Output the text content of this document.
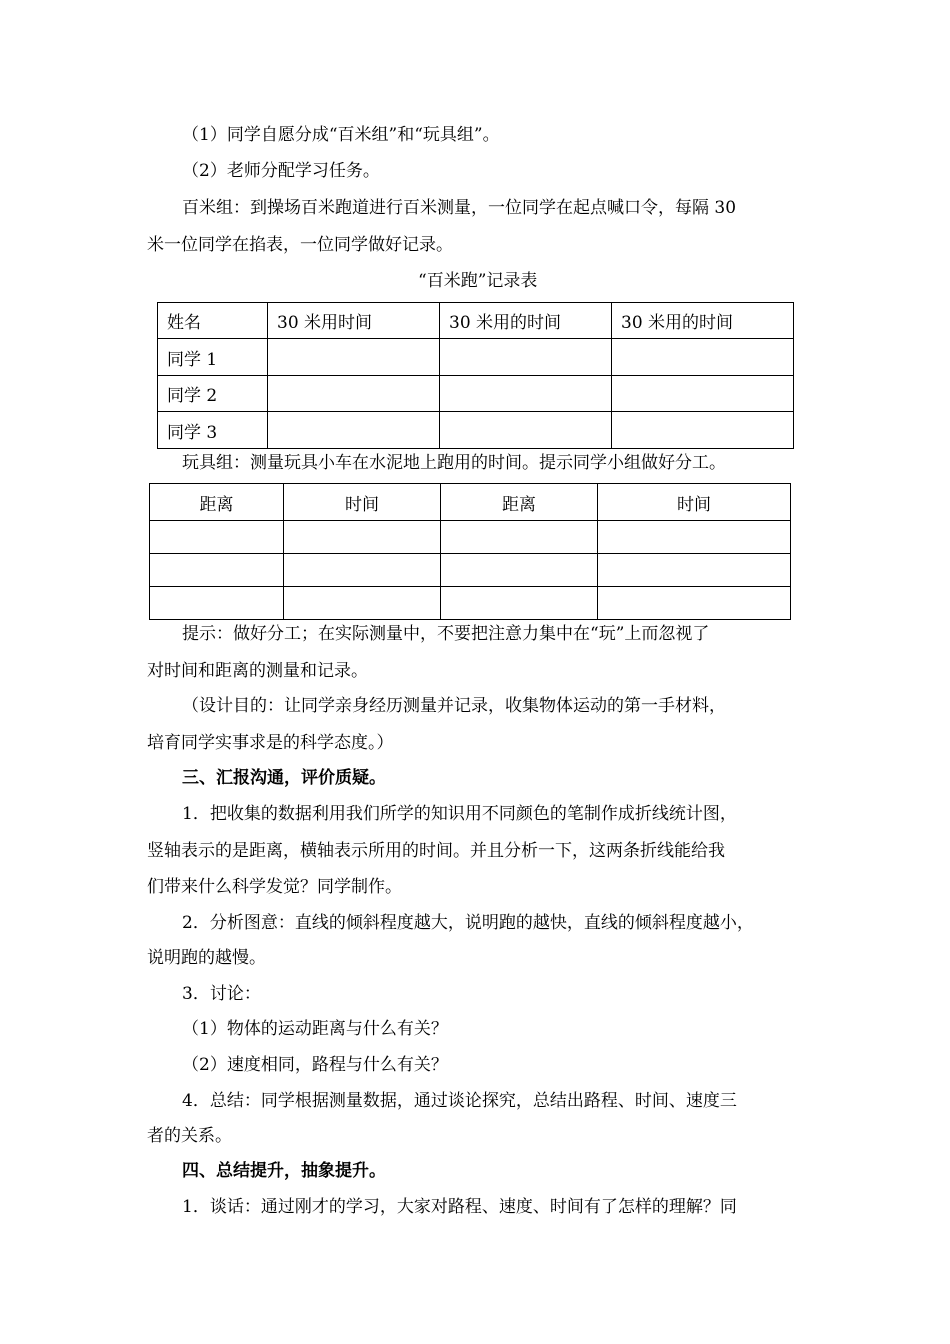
（1）同学自愿分成“百米组”和“玩具组”。
（2）老师分配学习任务。
百米组：到操场百米跑道进行百米测量，一位同学在起点喊口令，每隔 30
米一位同学在掐表，一位同学做好记录。
“百米跑”记录表
姓名	30 米用时间	30 米用的时间	30 米用的时间
同学 1			
同学 2			
同学 3			
玩具组：测量玩具小车在水泥地上跑用的时间。提示同学小组做好分工。
距离	时间	距离	时间

提示：做好分工；在实际测量中，不要把注意力集中在“玩”上而忽视了
对时间和距离的测量和记录。
（设计目的：让同学亲身经历测量并记录，收集物体运动的第一手材料，
培育同学实事求是的科学态度。）
三、汇报沟通，评价质疑。
1．把收集的数据利用我们所学的知识用不同颜色的笔制作成折线统计图，
竖轴表示的是距离，横轴表示所用的时间。并且分析一下，这两条折线能给我
们带来什么科学发觉？同学制作。
2．分析图意：直线的倾斜程度越大，说明跑的越快，直线的倾斜程度越小，
说明跑的越慢。
3．讨论：
（1）物体的运动距离与什么有关？
（2）速度相同，路程与什么有关？
4．总结：同学根据测量数据，通过谈论探究，总结出路程、时间、速度三
者的关系。
四、总结提升，抽象提升。
1．谈话：通过刚才的学习，大家对路程、速度、时间有了怎样的理解？同
